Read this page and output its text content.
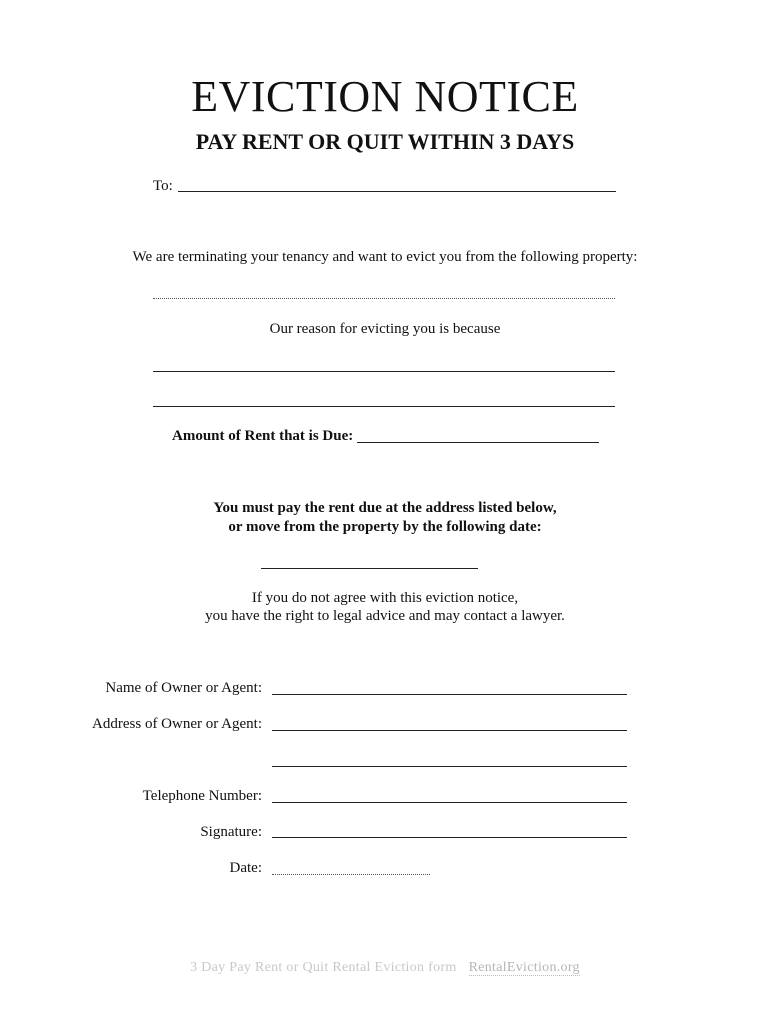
EVICTION NOTICE
PAY RENT OR QUIT WITHIN 3 DAYS
To:
We are terminating your tenancy and want to evict you from the following property:
Our reason for evicting you is because
Amount of Rent that is Due:
You must pay the rent due at the address listed below,
or move from the property by the following date:
If you do not agree with this eviction notice,
you have the right to legal advice and may contact a lawyer.
Name of Owner or Agent:
Address of Owner or Agent:
Telephone Number:
Signature:
Date:
3 Day Pay Rent or Quit Rental Eviction form RentalEviction.org
